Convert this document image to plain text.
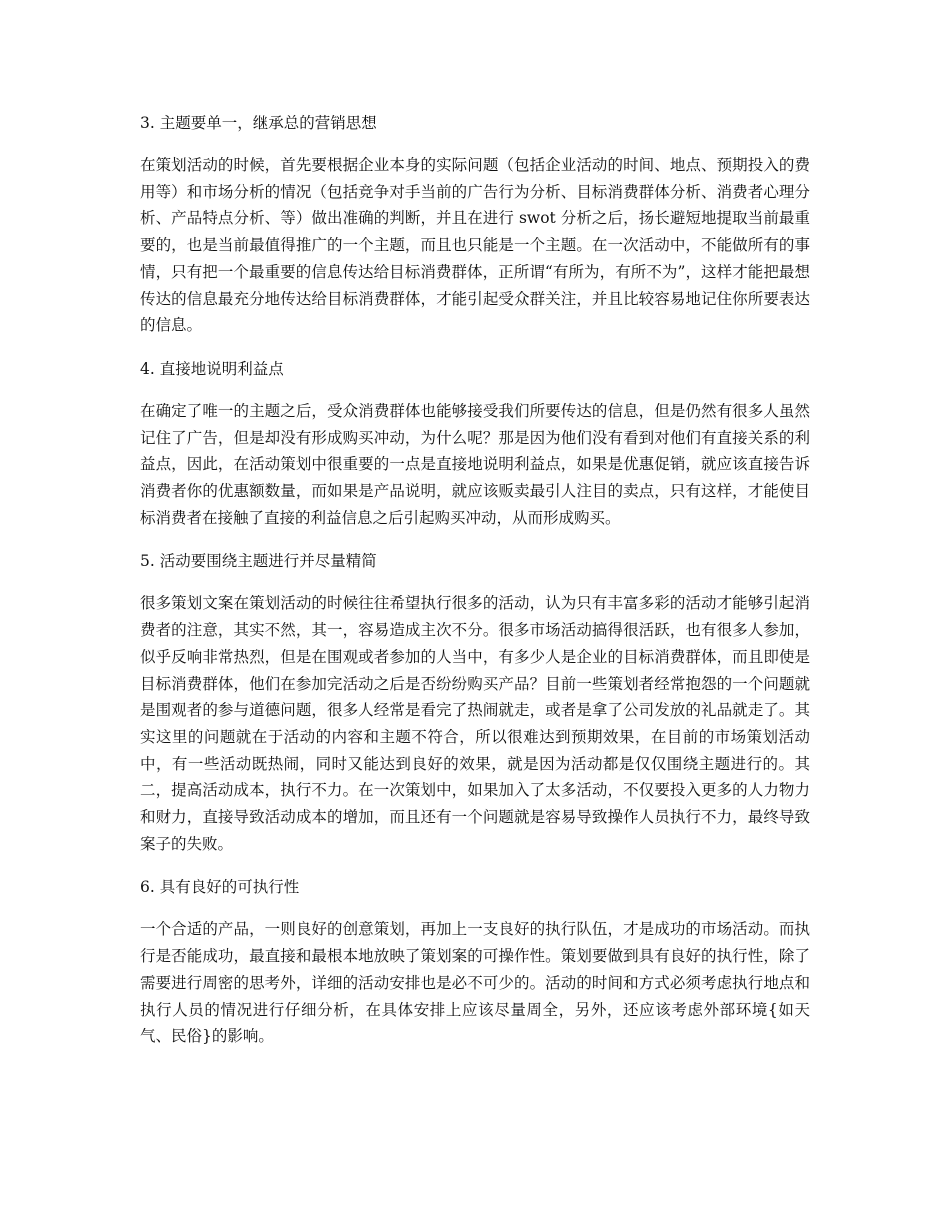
3. 主题要单一，继承总的营销思想
在策划活动的时候，首先要根据企业本身的实际问题（包括企业活动的时间、地点、预期投入的费用等）和市场分析的情况（包括竞争对手当前的广告行为分析、目标消费群体分析、消费者心理分析、产品特点分析、等）做出准确的判断，并且在进行 swot 分析之后，扬长避短地提取当前最重要的，也是当前最值得推广的一个主题，而且也只能是一个主题。在一次活动中，不能做所有的事情，只有把一个最重要的信息传达给目标消费群体，正所谓“有所为，有所不为”，这样才能把最想传达的信息最充分地传达给目标消费群体，才能引起受众群关注，并且比较容易地记住你所要表达的信息。
4. 直接地说明利益点
在确定了唯一的主题之后，受众消费群体也能够接受我们所要传达的信息，但是仍然有很多人虽然记住了广告，但是却没有形成购买冲动，为什么呢？那是因为他们没有看到对他们有直接关系的利益点，因此，在活动策划中很重要的一点是直接地说明利益点，如果是优惠促销，就应该直接告诉消费者你的优惠额数量，而如果是产品说明，就应该贩卖最引人注目的卖点，只有这样，才能使目标消费者在接触了直接的利益信息之后引起购买冲动，从而形成购买。
5. 活动要围绕主题进行并尽量精简
很多策划文案在策划活动的时候往往希望执行很多的活动，认为只有丰富多彩的活动才能够引起消费者的注意，其实不然，其一，容易造成主次不分。很多市场活动搞得很活跃，也有很多人参加，似乎反响非常热烈，但是在围观或者参加的人当中，有多少人是企业的目标消费群体，而且即使是目标消费群体，他们在参加完活动之后是否纷纷购买产品？目前一些策划者经常抱怨的一个问题就是围观者的参与道德问题，很多人经常是看完了热闹就走，或者是拿了公司发放的礼品就走了。其实这里的问题就在于活动的内容和主题不符合，所以很难达到预期效果，在目前的市场策划活动中，有一些活动既热闹，同时又能达到良好的效果，就是因为活动都是仅仅围绕主题进行的。其二，提高活动成本，执行不力。在一次策划中，如果加入了太多活动，不仅要投入更多的人力物力和财力，直接导致活动成本的增加，而且还有一个问题就是容易导致操作人员执行不力，最终导致案子的失败。
6. 具有良好的可执行性
一个合适的产品，一则良好的创意策划，再加上一支良好的执行队伍，才是成功的市场活动。而执行是否能成功，最直接和最根本地放映了策划案的可操作性。策划要做到具有良好的执行性，除了需要进行周密的思考外，详细的活动安排也是必不可少的。活动的时间和方式必须考虑执行地点和执行人员的情况进行仔细分析，在具体安排上应该尽量周全，另外，还应该考虑外部环境{如天气、民俗}的影响。
